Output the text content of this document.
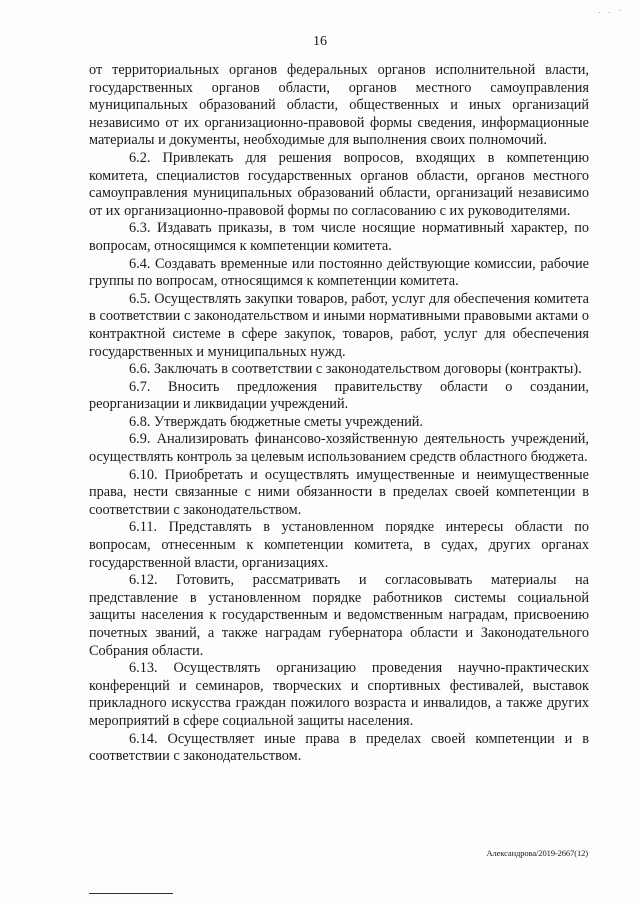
. . ·
16

от территориальных органов федеральных органов исполнительной власти, государственных органов области, органов местного самоуправления муниципальных образований области, общественных и иных организаций независимо от их организационно-правовой формы сведения, информационные материалы и документы, необходимые для выполнения своих полномочий.

6.2. Привлекать для решения вопросов, входящих в компетенцию комитета, специалистов государственных органов области, органов местного самоуправления муниципальных образований области, организаций независимо от их организационно-правовой формы по согласованию с их руководителями.

6.3. Издавать приказы, в том числе носящие нормативный характер, по вопросам, относящимся к компетенции комитета.

6.4. Создавать временные или постоянно действующие комиссии, рабочие группы по вопросам, относящимся к компетенции комитета.

6.5. Осуществлять закупки товаров, работ, услуг для обеспечения комитета в соответствии с законодательством и иными нормативными правовыми актами о контрактной системе в сфере закупок, товаров, работ, услуг для обеспечения государственных и муниципальных нужд.

6.6. Заключать в соответствии с законодательством договоры (контракты).

6.7. Вносить предложения правительству области о создании, реорганизации и ликвидации учреждений.

6.8. Утверждать бюджетные сметы учреждений.

6.9. Анализировать финансово-хозяйственную деятельность учреждений, осуществлять контроль за целевым использованием средств областного бюджета.

6.10. Приобретать и осуществлять имущественные и неимущественные права, нести связанные с ними обязанности в пределах своей компетенции в соответствии с законодательством.

6.11. Представлять в установленном порядке интересы области по вопросам, отнесенным к компетенции комитета, в судах, других органах государственной власти, организациях.

6.12. Готовить, рассматривать и согласовывать материалы на представление в установленном порядке работников системы социальной защиты населения к государственным и ведомственным наградам, присвоению почетных званий, а также наградам губернатора области и Законодательного Собрания области.

6.13. Осуществлять организацию проведения научно-практических конференций и семинаров, творческих и спортивных фестивалей, выставок прикладного искусства граждан пожилого возраста и инвалидов, а также других мероприятий в сфере социальной защиты населения.

6.14. Осуществляет иные права в пределах своей компетенции и в соответствии с законодательством.

Александрова/2019-2667(12)
